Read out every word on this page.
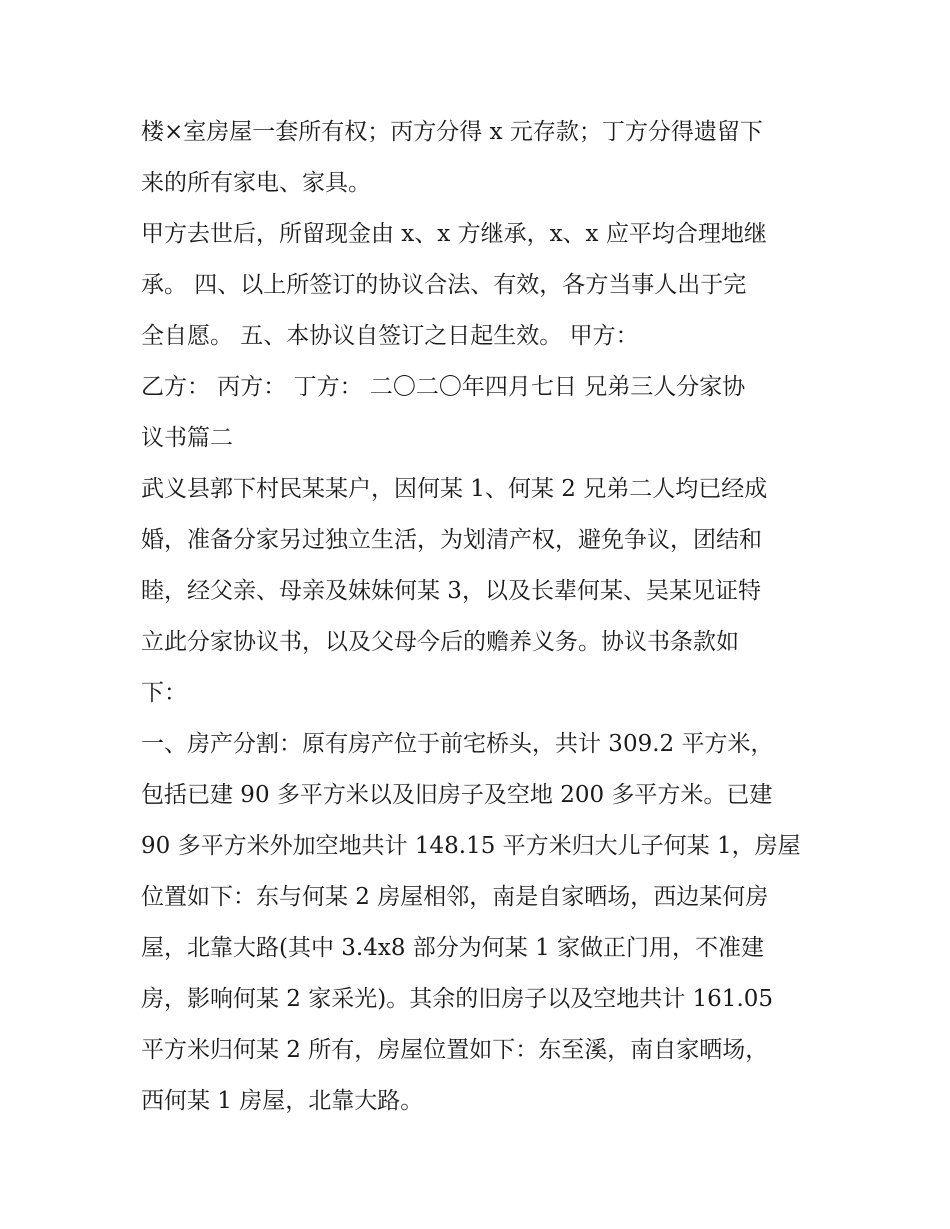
楼×室房屋一套所有权；丙方分得 x 元存款；丁方分得遗留下
来的所有家电、家具。
甲方去世后，所留现金由 x、x 方继承，x、x 应平均合理地继
承。 四、以上所签订的协议合法、有效，各方当事人出于完
全自愿。 五、本协议自签订之日起生效。 甲方：
乙方： 丙方： 丁方： 二〇二〇年四月七日 兄弟三人分家协
议书篇二
武义县郭下村民某某户，因何某 1、何某 2 兄弟二人均已经成
婚，准备分家另过独立生活，为划清产权，避免争议，团结和
睦，经父亲、母亲及妹妹何某 3，以及长辈何某、吴某见证特
立此分家协议书，以及父母今后的赡养义务。协议书条款如
下：
一、房产分割：原有房产位于前宅桥头，共计 309.2 平方米，
包括已建 90 多平方米以及旧房子及空地 200 多平方米。已建
90 多平方米外加空地共计 148.15 平方米归大儿子何某 1，房屋
位置如下：东与何某 2 房屋相邻，南是自家晒场，西边某何房
屋，北靠大路(其中 3.4x8 部分为何某 1 家做正门用，不准建
房，影响何某 2 家采光)。其余的旧房子以及空地共计 161.05
平方米归何某 2 所有，房屋位置如下：东至溪，南自家晒场，
西何某 1 房屋，北靠大路。
